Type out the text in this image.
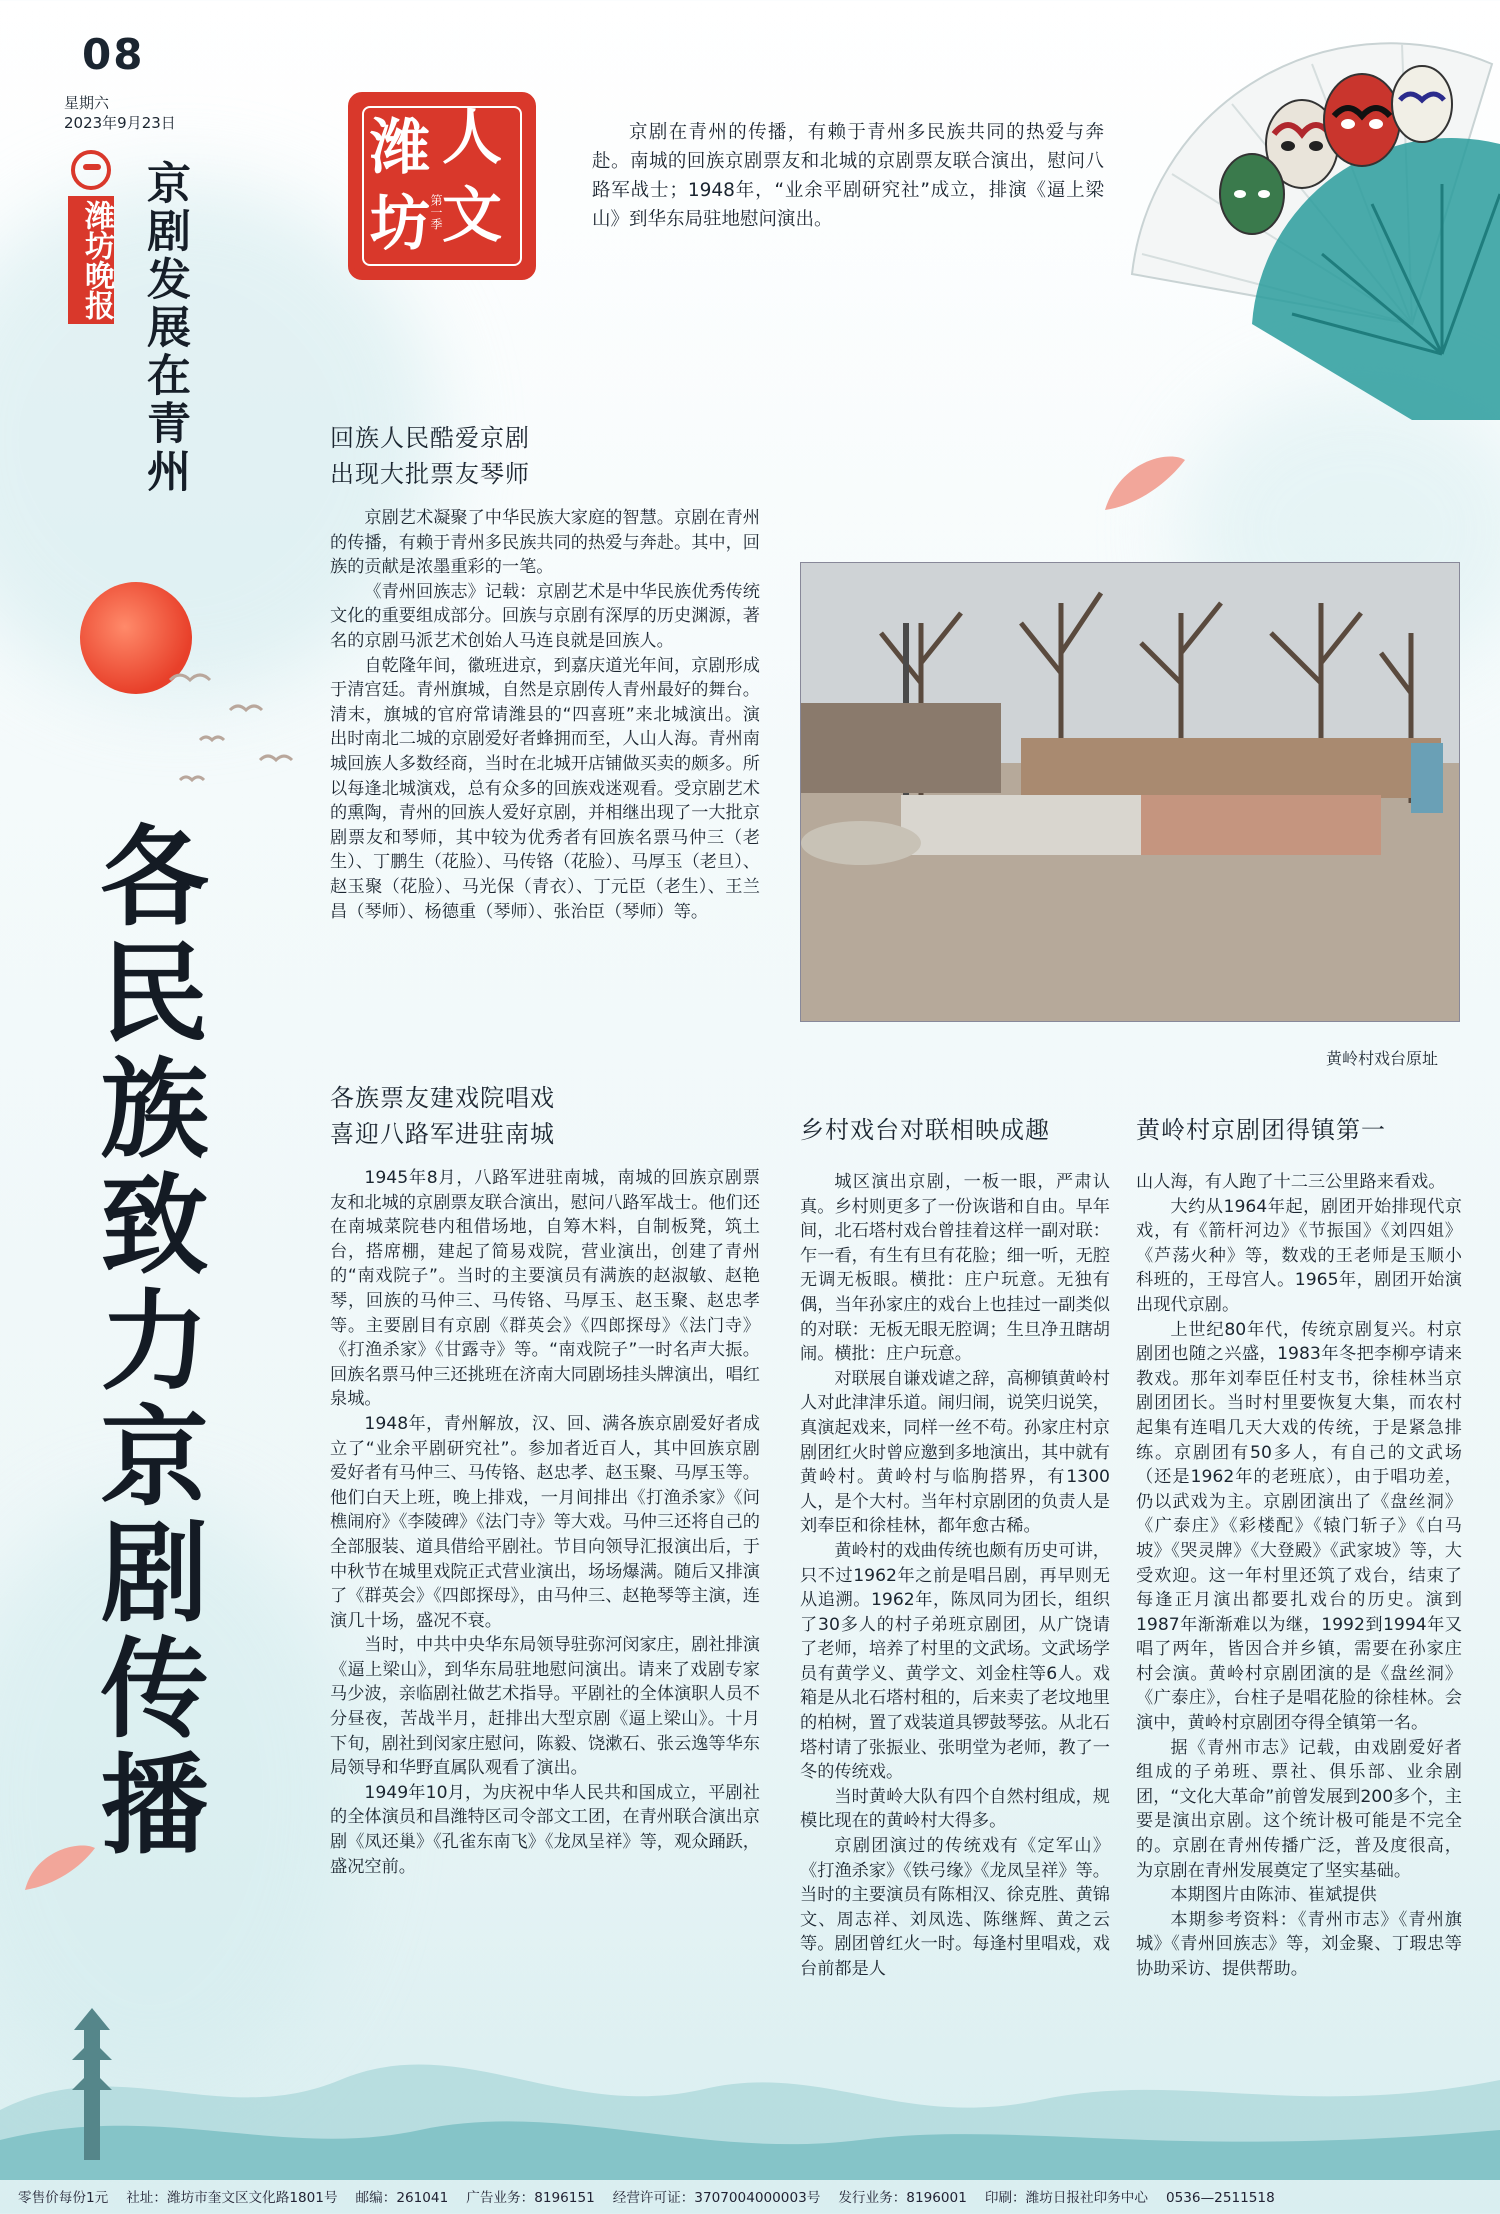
08
星期六
2023年9月23日
潍坊晚报 京剧发展在青州
潍 人
坊 文
第一季
京剧在青州的传播，有赖于青州多民族共同的热爱与奔赴。南城的回族京剧票友和北城的京剧票友联合演出，慰问八路军战士；1948年，“业余平剧研究社”成立，排演《逼上梁山》到华东局驻地慰问演出。
各民族致力京剧传播
回族人民酷爱京剧
出现大批票友琴师

京剧艺术凝聚了中华民族大家庭的智慧。京剧在青州的传播，有赖于青州多民族共同的热爱与奔赴。其中，回族的贡献是浓墨重彩的一笔。

《青州回族志》记载：京剧艺术是中华民族优秀传统文化的重要组成部分。回族与京剧有深厚的历史渊源，著名的京剧马派艺术创始人马连良就是回族人。

自乾隆年间，徽班进京，到嘉庆道光年间，京剧形成于清宫廷。青州旗城，自然是京剧传人青州最好的舞台。清末，旗城的官府常请潍县的“四喜班”来北城演出。演出时南北二城的京剧爱好者蜂拥而至，人山人海。青州南城回族人多数经商，当时在北城开店铺做买卖的颇多。所以每逢北城演戏，总有众多的回族戏迷观看。受京剧艺术的熏陶，青州的回族人爱好京剧，并相继出现了一大批京剧票友和琴师，其中较为优秀者有回族名票马仲三（老生）、丁鹏生（花脸）、马传铬（花脸）、马厚玉（老旦）、赵玉聚（花脸）、马光保（青衣）、丁元臣（老生）、王兰昌（琴师）、杨德重（琴师）、张治臣（琴师）等。

黄岭村戏台原址
各族票友建戏院唱戏
喜迎八路军进驻南城

1945年8月，八路军进驻南城，南城的回族京剧票友和北城的京剧票友联合演出，慰问八路军战士。他们还在南城菜院巷内租借场地，自筹木料，自制板凳，筑土台，搭席棚，建起了简易戏院，营业演出，创建了青州的“南戏院子”。当时的主要演员有满族的赵淑敏、赵艳琴，回族的马仲三、马传铬、马厚玉、赵玉聚、赵忠孝等。主要剧目有京剧《群英会》《四郎探母》《法门寺》《打渔杀家》《甘露寺》等。“南戏院子”一时名声大振。回族名票马仲三还挑班在济南大同剧场挂头牌演出，唱红泉城。

1948年，青州解放，汉、回、满各族京剧爱好者成立了“业余平剧研究社”。参加者近百人，其中回族京剧爱好者有马仲三、马传铬、赵忠孝、赵玉聚、马厚玉等。他们白天上班，晚上排戏，一月间排出《打渔杀家》《问樵闹府》《李陵碑》《法门寺》等大戏。马仲三还将自己的全部服装、道具借给平剧社。节目向领导汇报演出后，于中秋节在城里戏院正式营业演出，场场爆满。随后又排演了《群英会》《四郎探母》，由马仲三、赵艳琴等主演，连演几十场，盛况不衰。

当时，中共中央华东局领导驻弥河闵家庄，剧社排演《逼上梁山》，到华东局驻地慰问演出。请来了戏剧专家马少波，亲临剧社做艺术指导。平剧社的全体演职人员不分昼夜，苦战半月，赶排出大型京剧《逼上梁山》。十月下旬，剧社到闵家庄慰问，陈毅、饶漱石、张云逸等华东局领导和华野直属队观看了演出。

1949年10月，为庆祝中华人民共和国成立，平剧社的全体演员和昌潍特区司令部文工团，在青州联合演出京剧《凤还巢》《孔雀东南飞》《龙凤呈祥》等，观众踊跃，盛况空前。

乡村戏台对联相映成趣

城区演出京剧，一板一眼，严肃认真。乡村则更多了一份诙谐和自由。早年间，北石塔村戏台曾挂着这样一副对联：乍一看，有生有旦有花脸；细一听，无腔无调无板眼。横批：庄户玩意。无独有偶，当年孙家庄的戏台上也挂过一副类似的对联：无板无眼无腔调；生旦净丑瞎胡闹。横批：庄户玩意。

对联展自谦戏谑之辞，高柳镇黄岭村人对此津津乐道。闹归闹，说笑归说笑，真演起戏来，同样一丝不苟。孙家庄村京剧团红火时曾应邀到多地演出，其中就有黄岭村。黄岭村与临朐搭界，有1300人，是个大村。当年村京剧团的负责人是刘奉臣和徐桂林，都年愈古稀。

黄岭村的戏曲传统也颇有历史可讲，只不过1962年之前是唱吕剧，再早则无从追溯。1962年，陈凤同为团长，组织了30多人的村子弟班京剧团，从广饶请了老师，培养了村里的文武场。文武场学员有黄学义、黄学文、刘金柱等6人。戏箱是从北石塔村租的，后来卖了老坟地里的柏树，置了戏装道具锣鼓琴弦。从北石塔村请了张振业、张明堂为老师，教了一冬的传统戏。

当时黄岭大队有四个自然村组成，规模比现在的黄岭村大得多。

京剧团演过的传统戏有《定军山》《打渔杀家》《铁弓缘》《龙凤呈祥》等。当时的主要演员有陈相汉、徐克胜、黄锦文、周志祥、刘凤选、陈继辉、黄之云等。剧团曾红火一时。每逢村里唱戏，戏台前都是人

黄岭村京剧团得镇第一

山人海，有人跑了十二三公里路来看戏。

大约从1964年起，剧团开始排现代京戏，有《箭杆河边》《节振国》《刘四姐》《芦荡火种》等，数戏的王老师是玉顺小科班的，王母宫人。1965年，剧团开始演出现代京剧。

上世纪80年代，传统京剧复兴。村京剧团也随之兴盛，1983年冬把李柳亭请来教戏。那年刘奉臣任村支书，徐桂林当京剧团团长。当时村里要恢复大集，而农村起集有连唱几天大戏的传统，于是紧急排练。京剧团有50多人，有自己的文武场（还是1962年的老班底），由于唱功差，仍以武戏为主。京剧团演出了《盘丝洞》《广泰庄》《彩楼配》《辕门斩子》《白马坡》《哭灵牌》《大登殿》《武家坡》等，大受欢迎。这一年村里还筑了戏台，结束了每逢正月演出都要扎戏台的历史。演到1987年渐渐难以为继，1992到1994年又唱了两年，皆因合并乡镇，需要在孙家庄村会演。黄岭村京剧团演的是《盘丝洞》《广泰庄》，台柱子是唱花脸的徐桂林。会演中，黄岭村京剧团夺得全镇第一名。

据《青州市志》记载，由戏剧爱好者组成的子弟班、票社、俱乐部、业余剧团，“文化大革命”前曾发展到200多个，主要是演出京剧。这个统计极可能是不完全的。京剧在青州传播广泛，普及度很高，为京剧在青州发展奠定了坚实基础。

本期图片由陈沛、崔斌提供

本期参考资料：《青州市志》《青州旗城》《青州回族志》等，刘金聚、丁瑕忠等协助采访、提供帮助。

零售价每份1元 社址：潍坊市奎文区文化路1801号 邮编：261041 广告业务：8196151 经营许可证：3707004000003号 发行业务：8196001 印刷：潍坊日报社印务中心 0536—2511518
